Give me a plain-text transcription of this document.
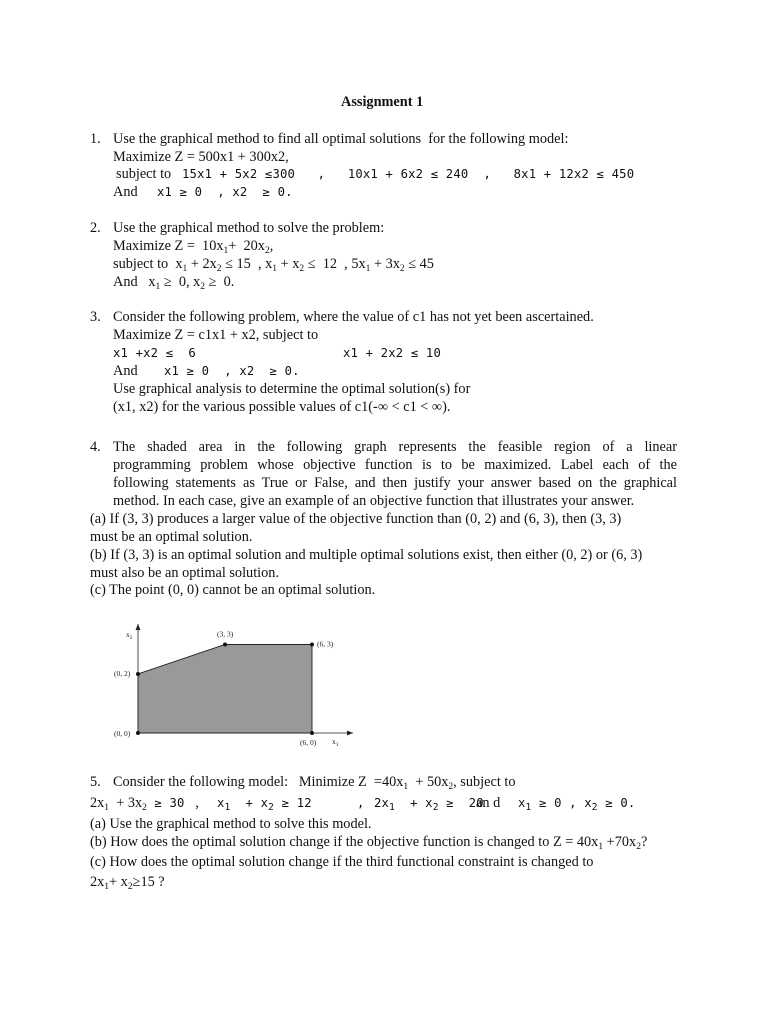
Assignment 1
1. Use the graphical method to find all optimal solutions  for the following model:
Maximize Z = 500x1 + 300x2,
subject to 15x1 + 5x2 ≤300   ,   10x1 + 6x2 ≤ 240  ,   8x1 + 12x2 ≤ 450
And x1 ≥ 0  , x2  ≥ 0.
2. Use the graphical method to solve the problem:
Maximize $Z = 10x_1+ 20x_2$,
subject to $x_1 + 2x_2 \le 15$  , $x_1 + x_2 \le 12$  , $5x_1 + 3x_2 \le 45$
And $x_1 \ge 0$, $x_2 \ge 0$.
3. Consider the following problem, where the value of c1 has not yet been ascertained.
Maximize Z = c1x1 + x2, subject to
x1 +x2 ≤  6	x1 + 2x2 ≤ 10
And x1 ≥ 0  , x2  ≥ 0.
Use graphical analysis to determine the optimal solution(s) for
(x1, x2) for the various possible values of c1(-∞ < c1 < ∞).
4. The shaded area in the following graph represents the feasible region of a linear
programming problem whose objective function is to be maximized. Label each of the
following statements as True or False, and then justify your answer based on the graphical
method. In each case, give an example of an objective function that illustrates your answer.
(a) If (3, 3) produces a larger value of the objective function than (0, 2) and (6, 3), then (3, 3)
must be an optimal solution.
(b) If (3, 3) is an optimal solution and multiple optimal solutions exist, then either (0, 2) or (6, 3)
must also be an optimal solution.
(c) The point (0, 0) cannot be an optimal solution.
(0, 0)
(0, 2)
(3, 3)
(6, 3)
(6, 0)
$x_2$
$x_1$
5. Consider the following model:   Minimize $Z =40x_1 + 50x_2$, subject to
$2x_1 + 3x_2 \ge 30$   , $x_1 + x_2 \ge 12$      , $2x_1 + x_2 \ge 20$
an d $x_1 \ge 0$ , $x_2 \ge 0$.
(a) Use the graphical method to solve this model.
(b) How does the optimal solution change if the objective function is changed to $Z = 40x_1 +70x_2$?
(c) How does the optimal solution change if the third functional constraint is changed to
$2x_1+ x_2\ge 15$ ?
